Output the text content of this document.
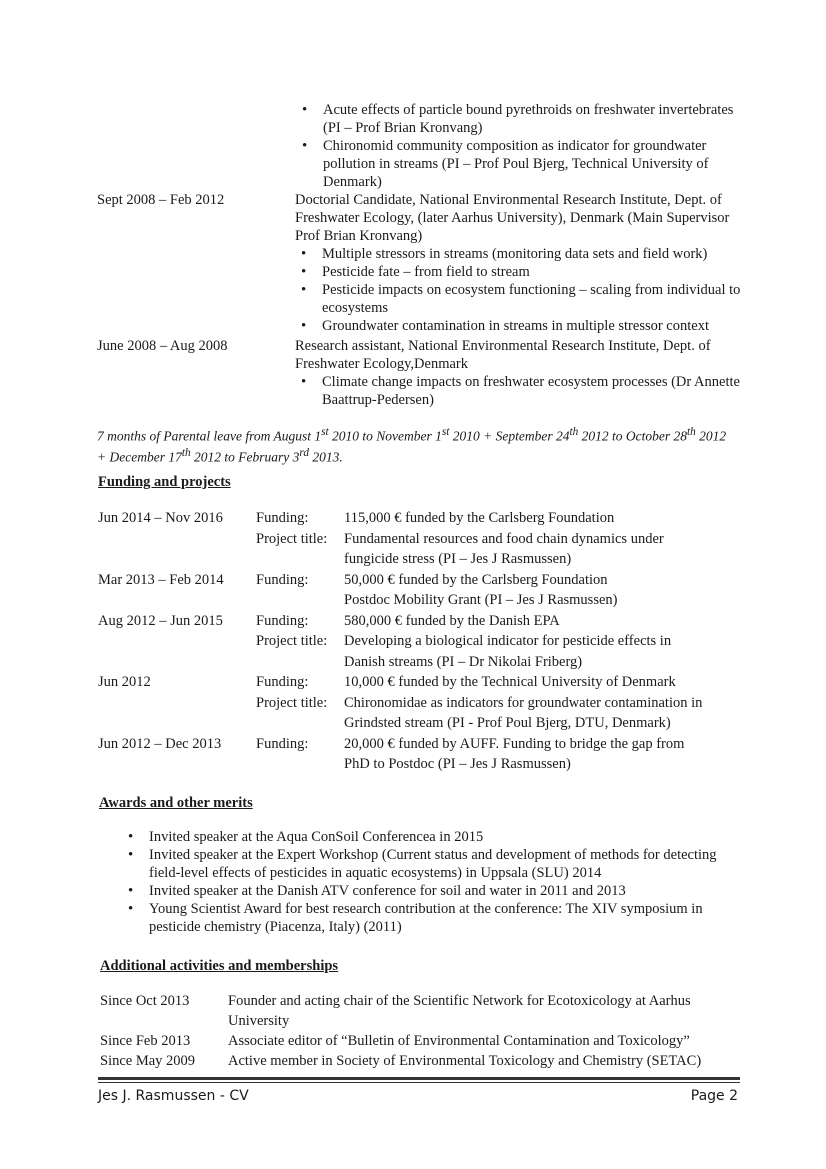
• Acute effects of particle bound pyrethroids on freshwater invertebrates (PI – Prof Brian Kronvang)
• Chironomid community composition as indicator for groundwater pollution in streams (PI – Prof Poul Bjerg, Technical University of Denmark)
Sept 2008 – Feb 2012	Doctorial Candidate, National Environmental Research Institute, Dept. of Freshwater Ecology, (later Aarhus University), Denmark (Main Supervisor Prof Brian Kronvang)
• Multiple stressors in streams (monitoring data sets and field work)
• Pesticide fate – from field to stream
• Pesticide impacts on ecosystem functioning – scaling from individual to ecosystems
• Groundwater contamination in streams in multiple stressor context
June 2008 – Aug 2008	Research assistant, National Environmental Research Institute, Dept. of Freshwater Ecology,Denmark
• Climate change impacts on freshwater ecosystem processes (Dr Annette Baattrup-Pedersen)
7 months of Parental leave from August 1st 2010 to November 1st 2010 + September 24th 2012 to October 28th 2012 + December 17th 2012 to February 3rd 2013.
Funding and projects
Jun 2014 – Nov 2016	Funding:	115,000 € funded by the Carlsberg Foundation
Project title:	Fundamental resources and food chain dynamics under
fungicide stress (PI – Jes J Rasmussen)
Mar 2013 – Feb 2014	Funding:	50,000 € funded by the Carlsberg Foundation
Postdoc Mobility Grant (PI – Jes J Rasmussen)
Aug 2012 – Jun 2015	Funding:	580,000 € funded by the Danish EPA
Project title:	Developing a biological indicator for pesticide effects in
Danish streams (PI – Dr Nikolai Friberg)
Jun 2012	Funding:	10,000 € funded by the Technical University of Denmark
Project title:	Chironomidae as indicators for groundwater contamination in
Grindsted stream (PI - Prof Poul Bjerg, DTU, Denmark)
Jun 2012 – Dec 2013	Funding:	20,000 € funded by AUFF. Funding to bridge the gap from
PhD to Postdoc (PI – Jes J Rasmussen)
Awards and other merits
• Invited speaker at the Aqua ConSoil Conferencea in 2015
• Invited speaker at the Expert Workshop (Current status and development of methods for detecting field-level effects of pesticides in aquatic ecosystems) in Uppsala (SLU) 2014
• Invited speaker at the Danish ATV conference for soil and water in 2011 and 2013
• Young Scientist Award for best research contribution at the conference: The XIV symposium in pesticide chemistry (Piacenza, Italy) (2011)
Additional activities and memberships
Since Oct 2013	Founder and acting chair of the Scientific Network for Ecotoxicology at Aarhus
University
Since Feb 2013	Associate editor of “Bulletin of Environmental Contamination and Toxicology”
Since May 2009	Active member in Society of Environmental Toxicology and Chemistry (SETAC)
Jes J. Rasmussen - CV	Page 2
